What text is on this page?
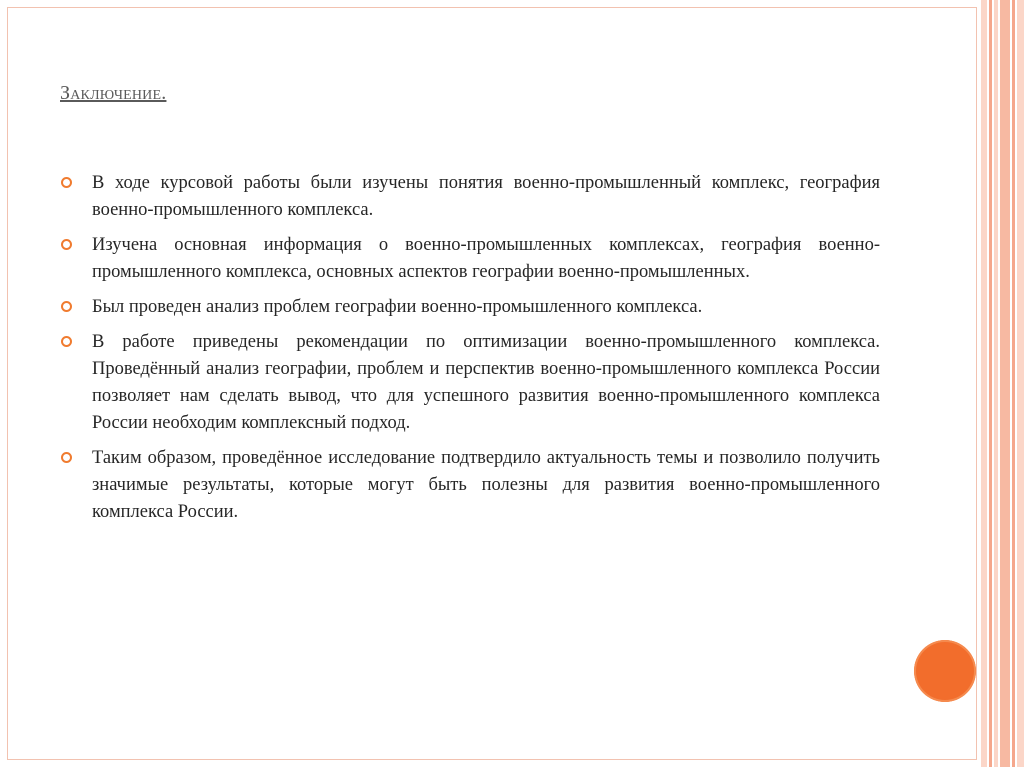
Заключение.

В ходе курсовой работы были изучены понятия военно-промышленный комплекс, география военно-промышленного комплекса.

Изучена основная информация о военно-промышленных комплексах, география военно-промышленного комплекса, основных аспектов географии военно-промышленных.

Был проведен анализ проблем географии военно-промышленного комплекса.

В работе приведены рекомендации по оптимизации военно-промышленного комплекса. Проведённый анализ географии, проблем и перспектив военно-промышленного комплекса России позволяет нам сделать вывод, что для успешного развития военно-промышленного комплекса России необходим комплексный подход.

Таким образом, проведённое исследование подтвердило актуальность темы и позволило получить значимые результаты, которые могут быть полезны для развития военно-промышленного комплекса России.
